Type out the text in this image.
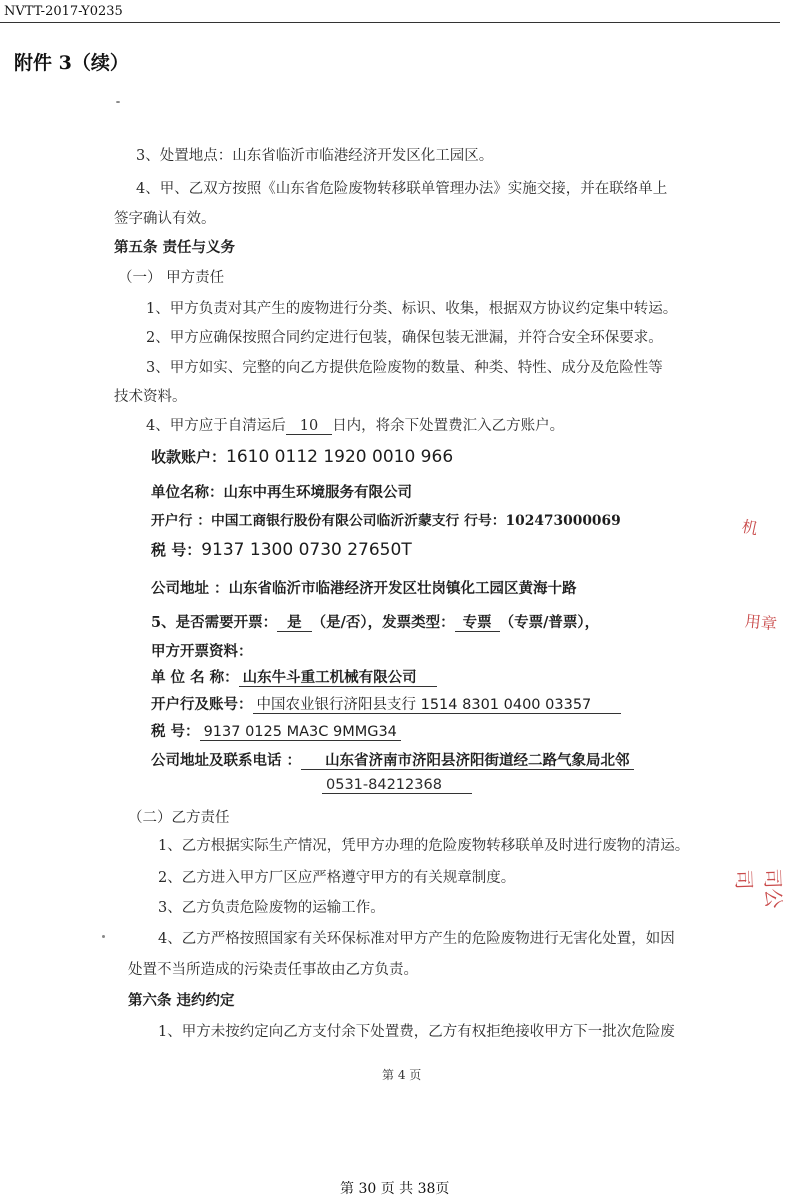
NVTT-2017-Y0235
附件 3（续）
3、处置地点：山东省临沂市临港经济开发区化工园区。
4、甲、乙双方按照《山东省危险废物转移联单管理办法》实施交接，并在联络单上
签字确认有效。
第五条 责任与义务
（一） 甲方责任
1、甲方负责对其产生的废物进行分类、标识、收集，根据双方协议约定集中转运。
2、甲方应确保按照合同约定进行包装，确保包装无泄漏，并符合安全环保要求。
3、甲方如实、完整的向乙方提供危险废物的数量、种类、特性、成分及危险性等
技术资料。
4、甲方应于自清运后 10 日内，将余下处置费汇入乙方账户。
收款账户：1610 0112 1920 0010 966
单位名称：山东中再生环境服务有限公司
开户行 ：中国工商银行股份有限公司临沂沂蒙支行 行号：102473000069
税 号：9137 1300 0730 27650T
公司地址 ：山东省临沂市临港经济开发区壮岗镇化工园区黄海十路
5、是否需要开票： 是 （是/否），发票类型： 专票 （专票/普票），
甲方开票资料：
单 位 名 称： 山东牛斗重工机械有限公司
开户行及账号： 中国农业银行济阳县支行 1514 8301 0400 03357
税 号： 9137 0125 MA3C 9MMG34
公司地址及联系电话 ： 山东省济南市济阳县济阳街道经二路气象局北邻
0531-84212368
（二）乙方责任
1、乙方根据实际生产情况，凭甲方办理的危险废物转移联单及时进行废物的清运。
2、乙方进入甲方厂区应严格遵守甲方的有关规章制度。
3、乙方负责危险废物的运输工作。
4、乙方严格按照国家有关环保标准对甲方产生的危险废物进行无害化处置，如因
处置不当所造成的污染责任事故由乙方负责。
第六条 违约约定
1、甲方未按约定向乙方支付余下处置费，乙方有权拒绝接收甲方下一批次危险废
第 4 页
第 30 页 共 38页
机
用章
司公司
